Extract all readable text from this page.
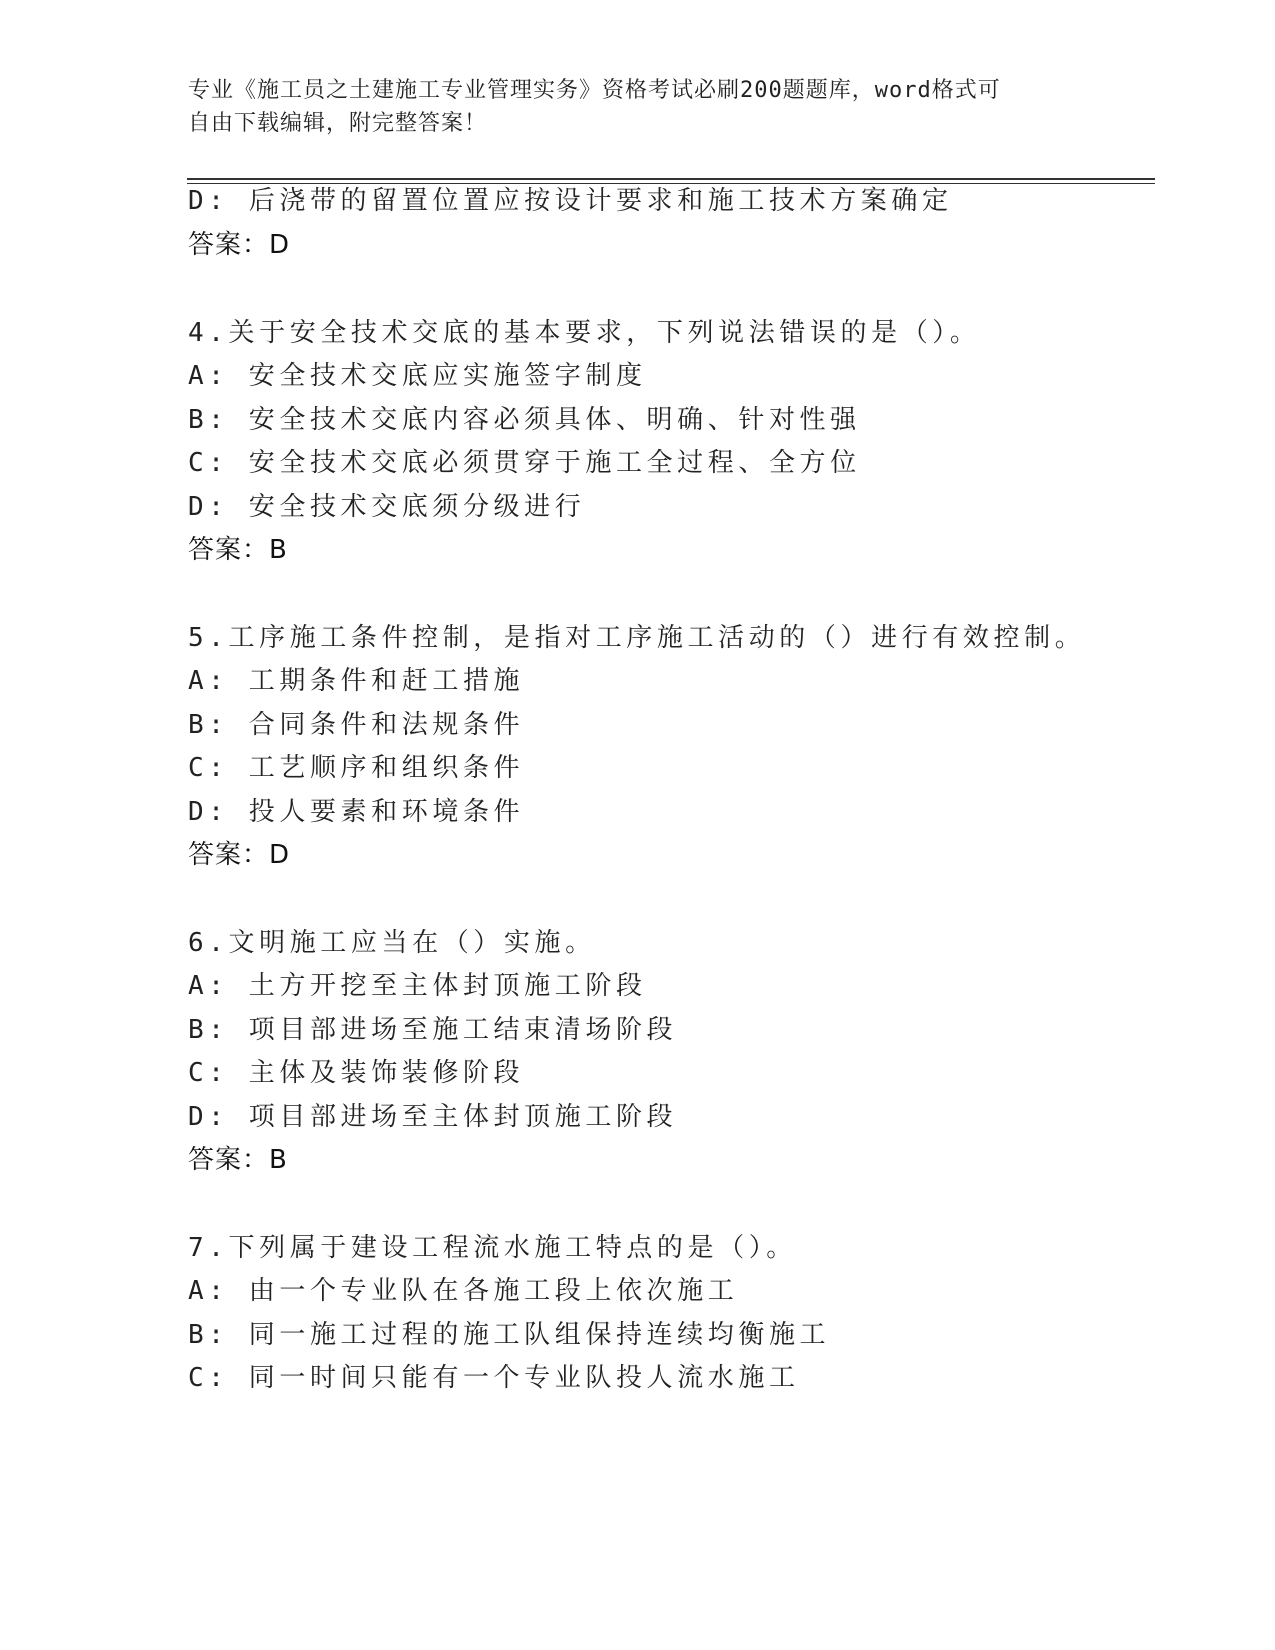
专业《施工员之土建施工专业管理实务》资格考试必刷200题题库，word格式可
自由下载编辑，附完整答案！
D: 后浇带的留置位置应按设计要求和施工技术方案确定
答案：D
4.关于安全技术交底的基本要求，下列说法错误的是（）。
A: 安全技术交底应实施签字制度
B: 安全技术交底内容必须具体、明确、针对性强
C: 安全技术交底必须贯穿于施工全过程、全方位
D: 安全技术交底须分级进行
答案：B
5.工序施工条件控制，是指对工序施工活动的（）进行有效控制。
A: 工期条件和赶工措施
B: 合同条件和法规条件
C: 工艺顺序和组织条件
D: 投人要素和环境条件
答案：D
6.文明施工应当在（）实施。
A: 土方开挖至主体封顶施工阶段
B: 项目部进场至施工结束清场阶段
C: 主体及装饰装修阶段
D: 项目部进场至主体封顶施工阶段
答案：B
7.下列属于建设工程流水施工特点的是（）。
A: 由一个专业队在各施工段上依次施工
B: 同一施工过程的施工队组保持连续均衡施工
C: 同一时间只能有一个专业队投人流水施工
